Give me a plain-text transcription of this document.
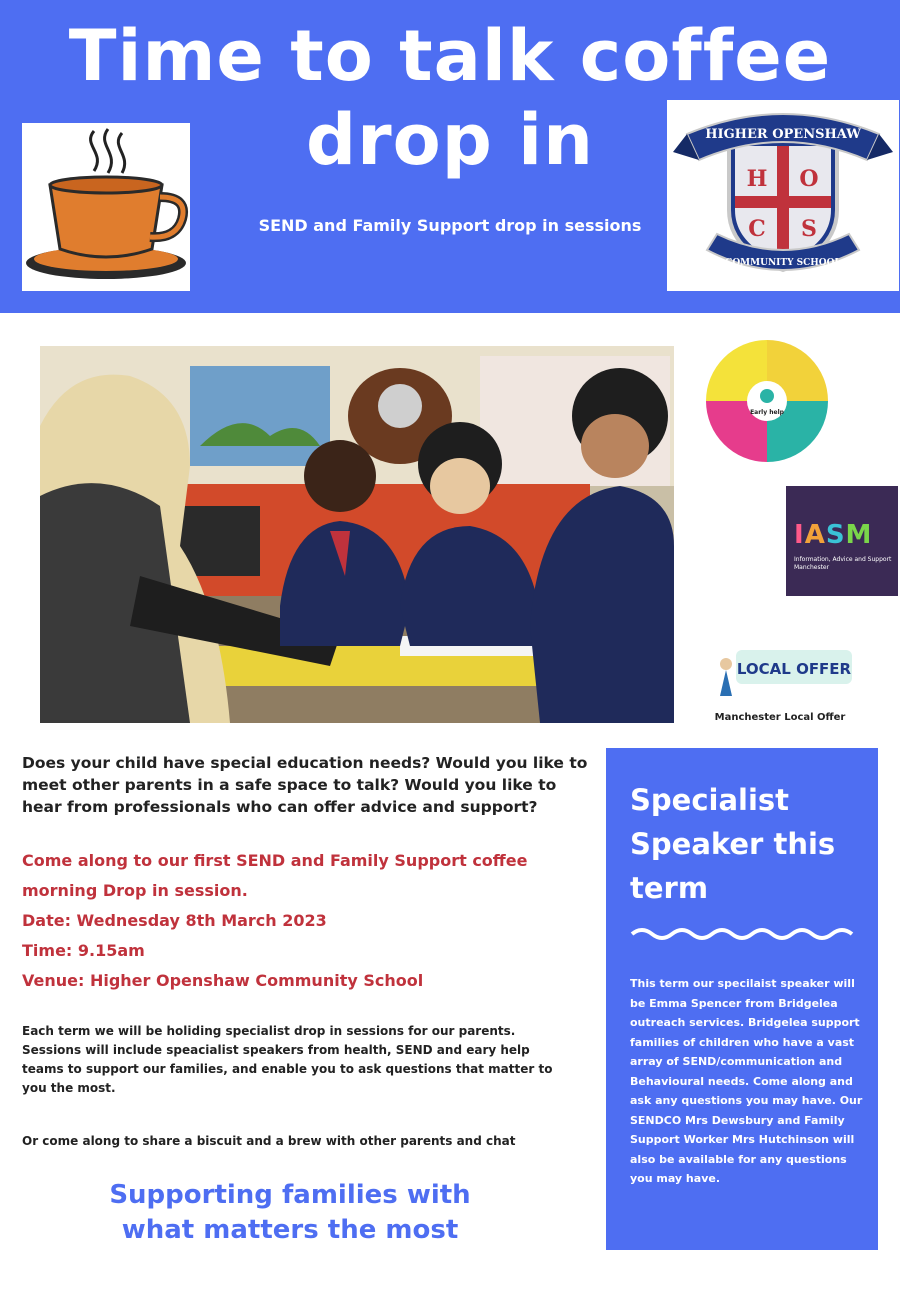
Time to talk coffee
drop in
SEND and Family Support drop in sessions
HIGHER OPENSHAW
H O
C S
COMMUNITY SCHOOL
Early help
IASM
Information, Advice and Support Manchester
LOCAL OFFER
Manchester Local Offer
Does your child have special education needs? Would you like to meet other parents in a safe space to talk? Would you like to hear from professionals who can offer advice and support?
Come along to our first SEND and Family Support coffee
morning Drop in session.
Date: Wednesday 8th March 2023
Time: 9.15am
Venue: Higher Openshaw Community School
Each term we will be holiding specialist drop in sessions for our parents. Sessions will include speacialist speakers from health, SEND and eary help teams to support our families, and enable you to ask questions that matter to you the most.
Or come along to share a biscuit and a brew with other parents and chat
Supporting families with
what matters the most
Specialist
Speaker this
term
This term our specilaist speaker will be Emma Spencer from Bridgelea outreach services. Bridgelea support families of children who have a vast array of SEND/communication and Behavioural needs. Come along and ask any questions you may have. Our SENDCO Mrs Dewsbury and Family Support Worker Mrs Hutchinson will also be available for any questions you may have.
